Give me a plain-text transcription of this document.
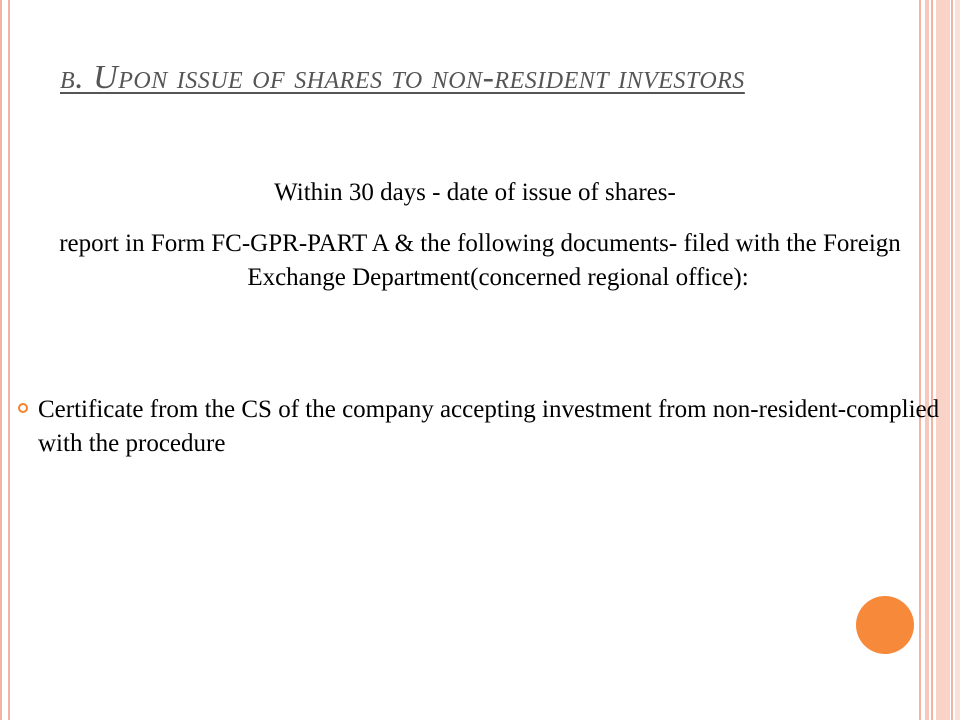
b. Upon issue of shares to non-resident investors

Within 30 days - date of issue of shares-

report in Form FC-GPR-PART A & the following documents- filed with the Foreign Exchange Department(concerned regional office):

Certificate from the CS of the company accepting investment from non-resident-complied with the procedure
